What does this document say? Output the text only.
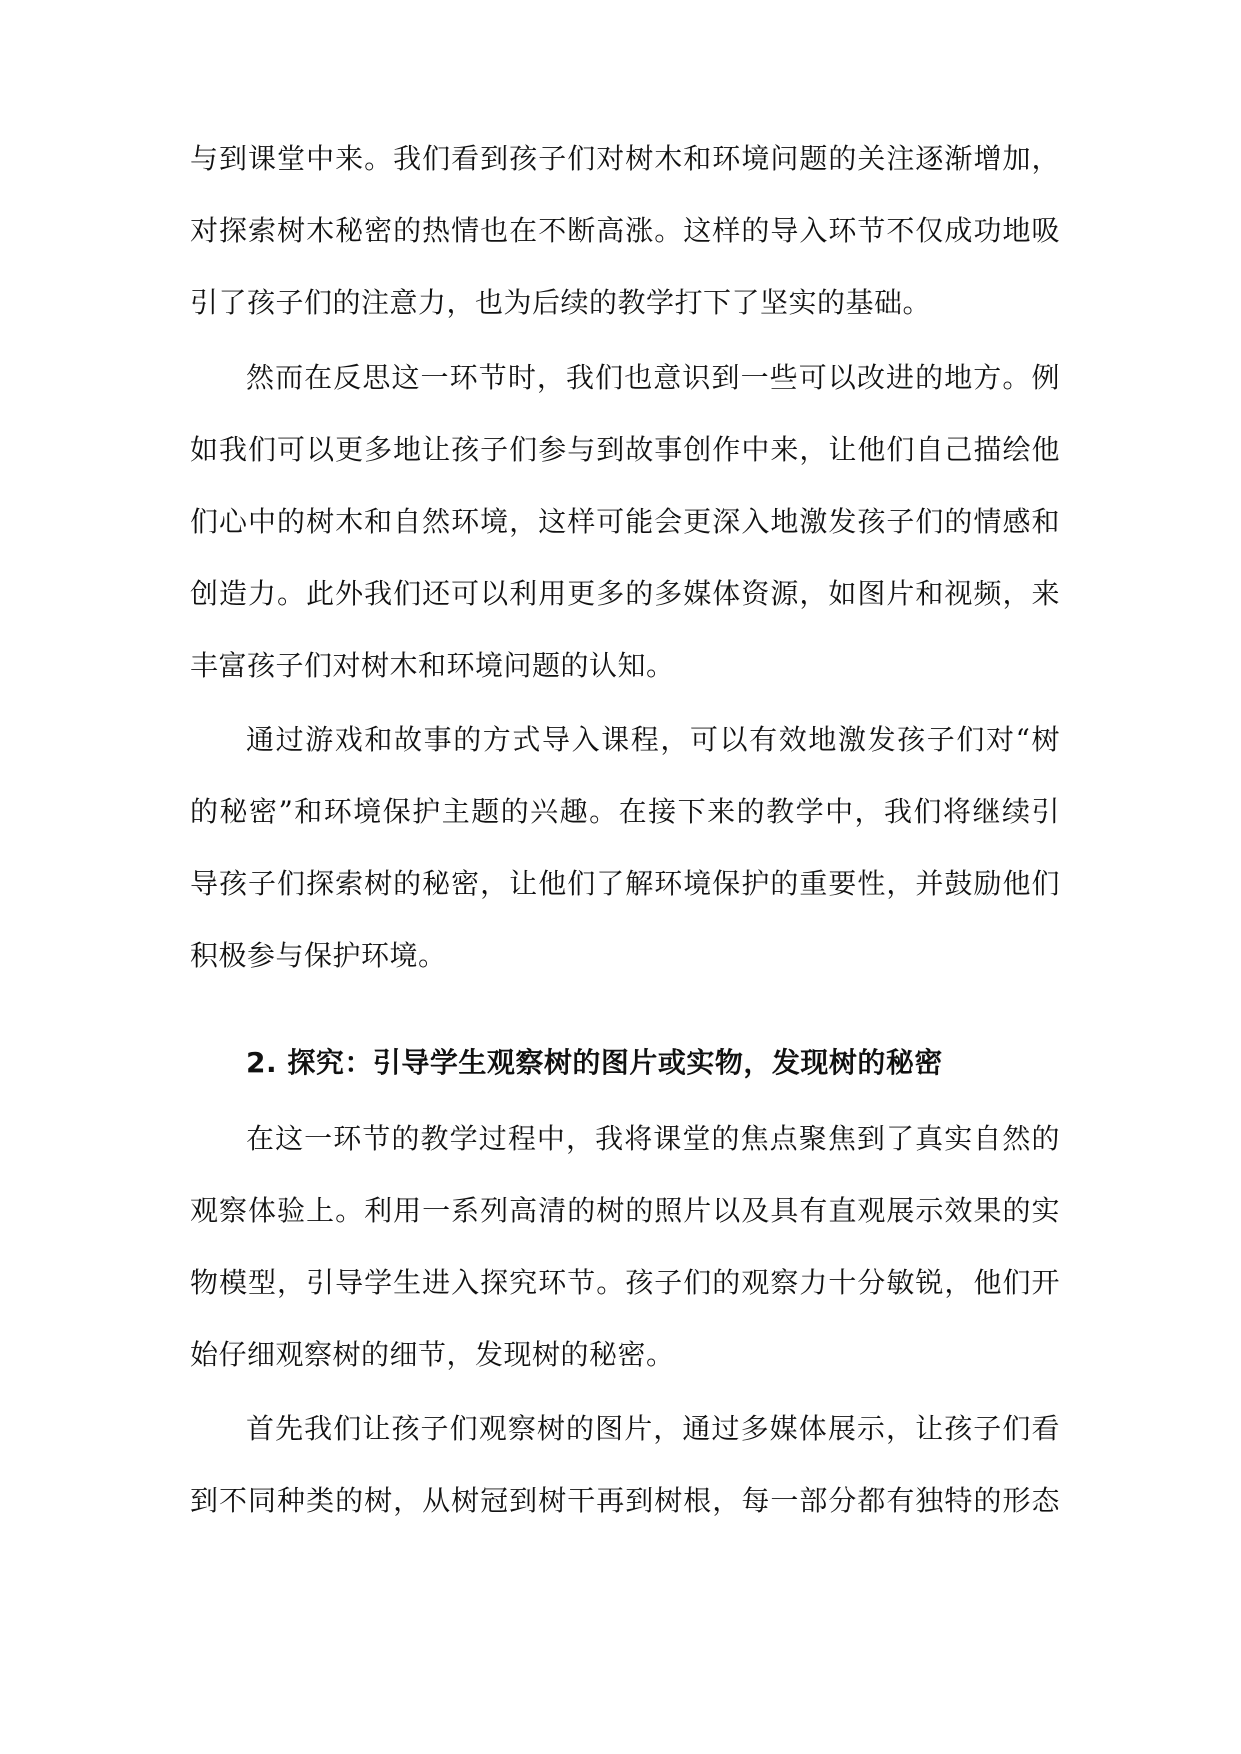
与到课堂中来。我们看到孩子们对树木和环境问题的关注逐渐增加，
对探索树木秘密的热情也在不断高涨。这样的导入环节不仅成功地吸
引了孩子们的注意力，也为后续的教学打下了坚实的基础。
然而在反思这一环节时，我们也意识到一些可以改进的地方。例
如我们可以更多地让孩子们参与到故事创作中来，让他们自己描绘他
们心中的树木和自然环境，这样可能会更深入地激发孩子们的情感和
创造力。此外我们还可以利用更多的多媒体资源，如图片和视频，来
丰富孩子们对树木和环境问题的认知。
通过游戏和故事的方式导入课程，可以有效地激发孩子们对“树
的秘密”和环境保护主题的兴趣。在接下来的教学中，我们将继续引
导孩子们探索树的秘密，让他们了解环境保护的重要性，并鼓励他们
积极参与保护环境。
2. 探究：引导学生观察树的图片或实物，发现树的秘密
在这一环节的教学过程中，我将课堂的焦点聚焦到了真实自然的
观察体验上。利用一系列高清的树的照片以及具有直观展示效果的实
物模型，引导学生进入探究环节。孩子们的观察力十分敏锐，他们开
始仔细观察树的细节，发现树的秘密。
首先我们让孩子们观察树的图片，通过多媒体展示，让孩子们看
到不同种类的树，从树冠到树干再到树根，每一部分都有独特的形态
